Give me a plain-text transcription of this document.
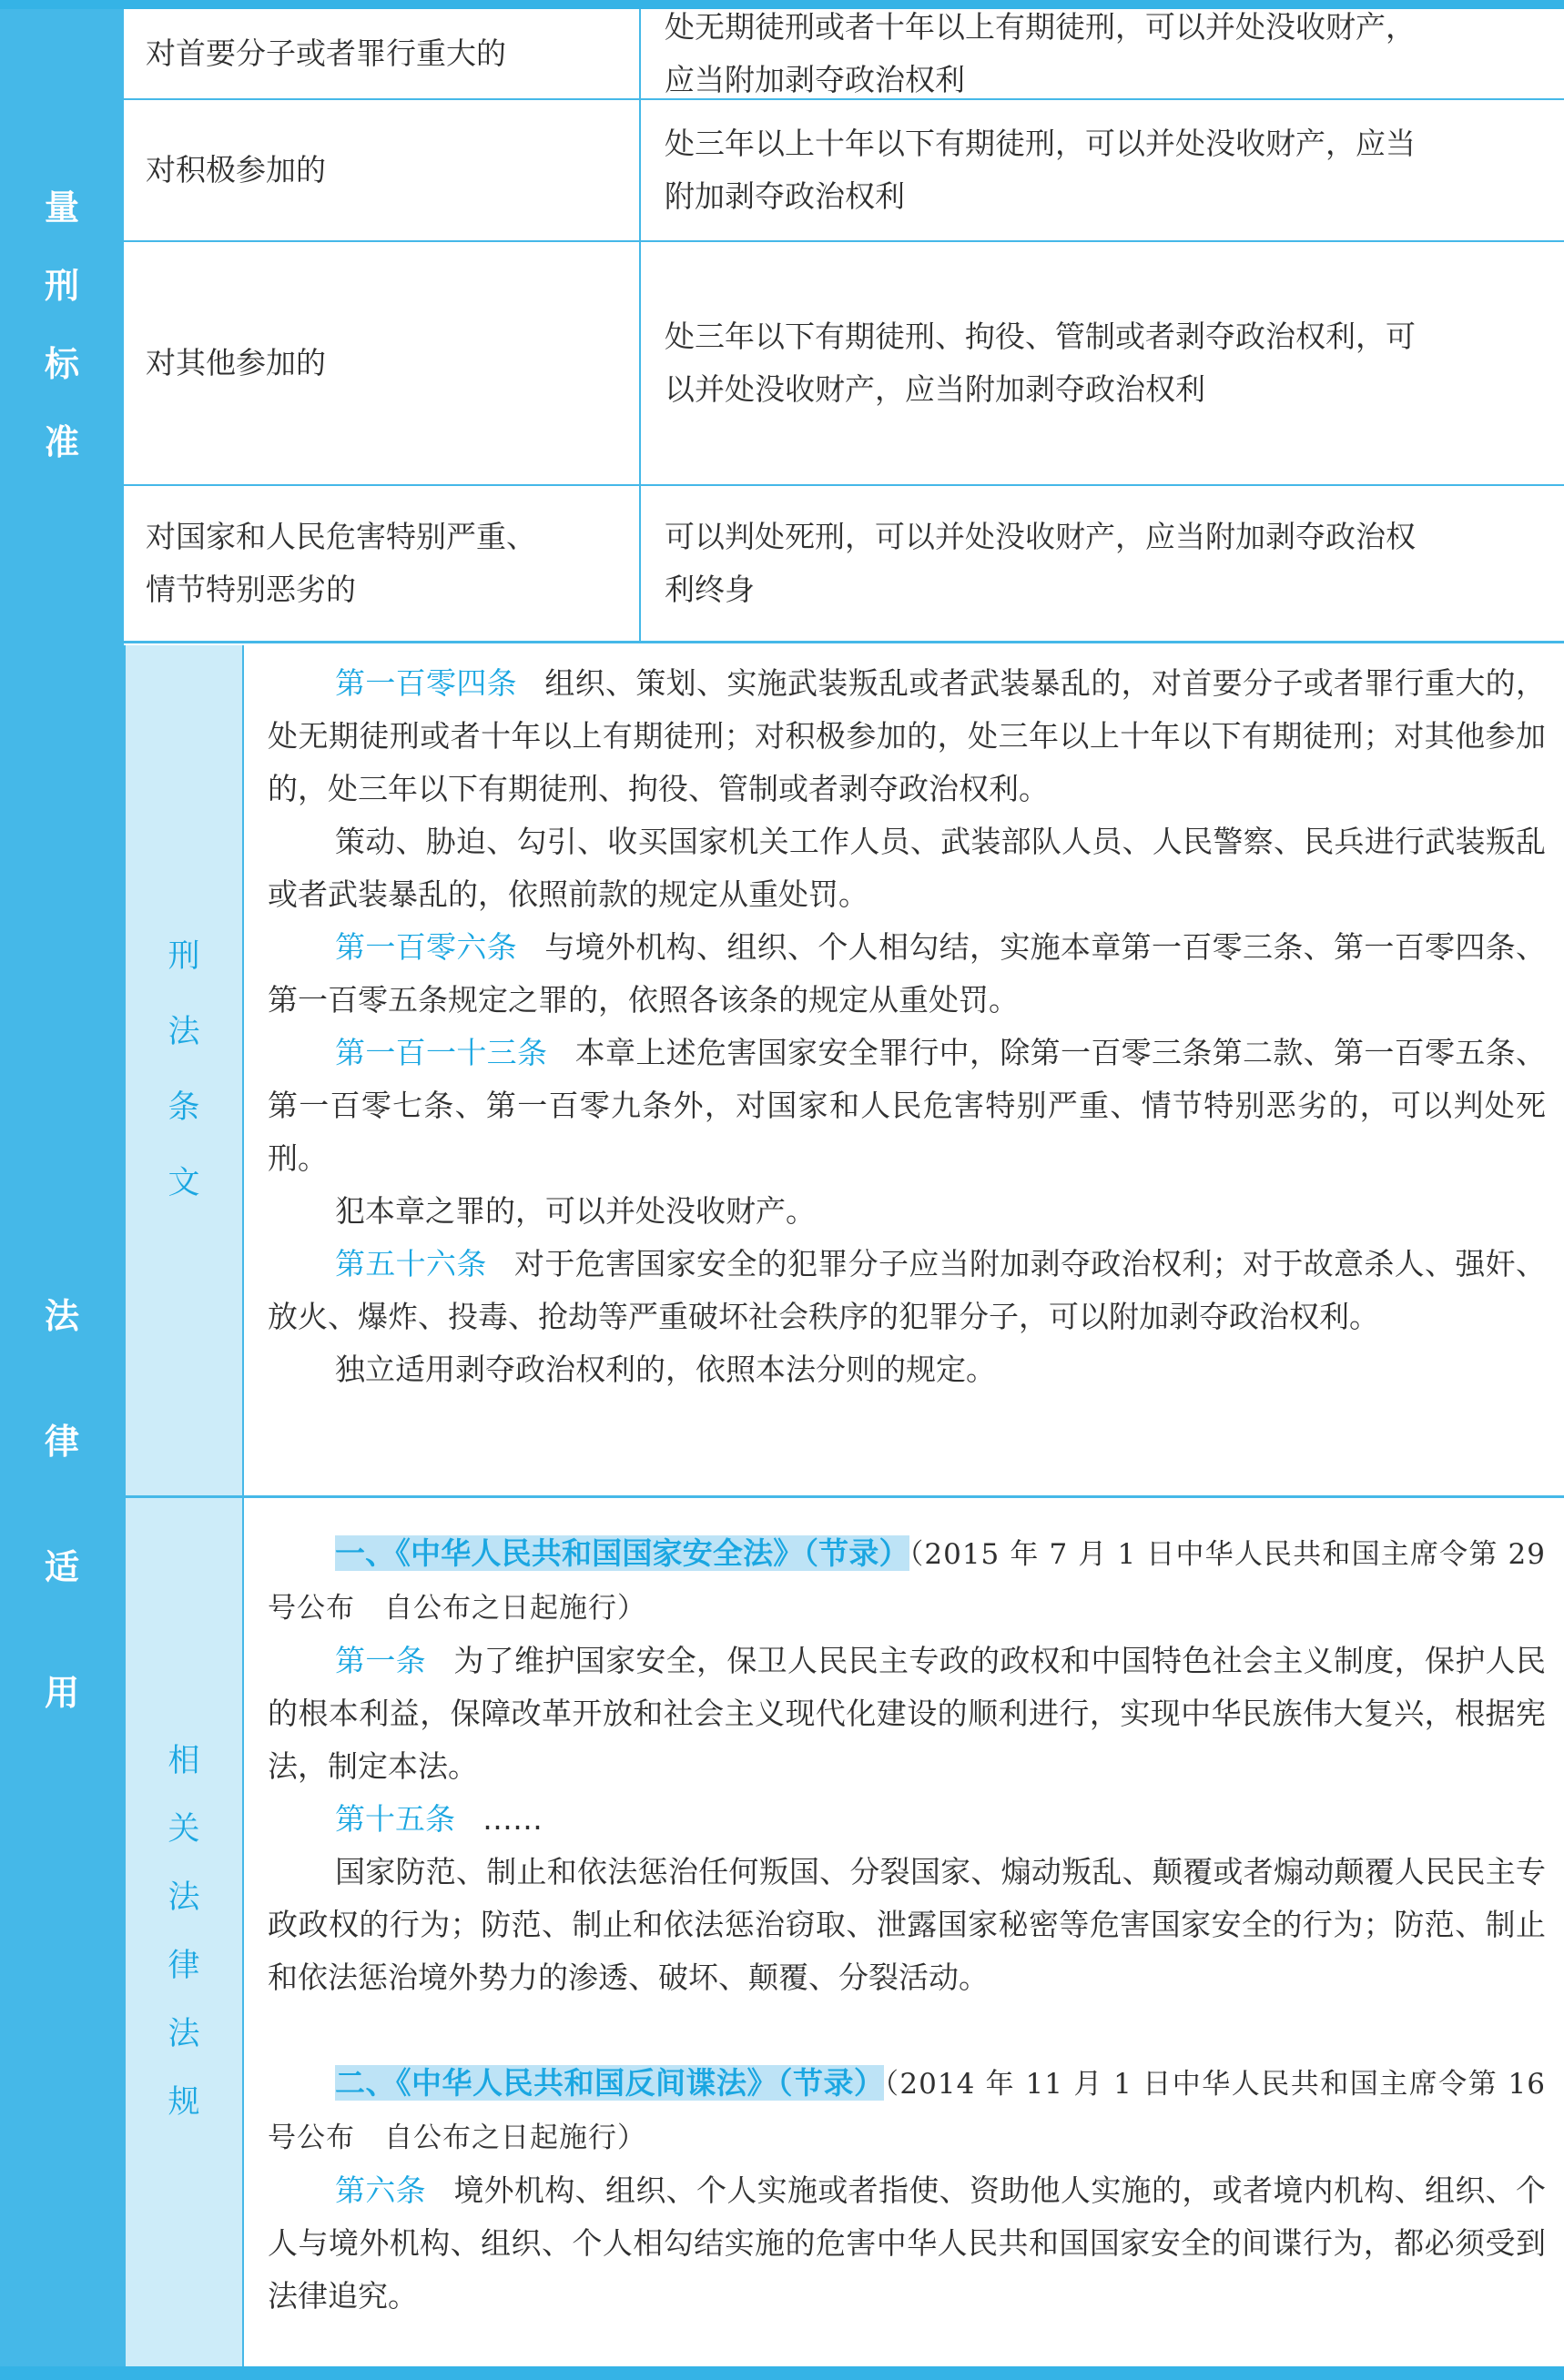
量
刑
标
准
对首要分子或者罪行重大的
处无期徒刑或者十年以上有期徒刑，可以并处没收财产，
应当附加剥夺政治权利
对积极参加的
处三年以上十年以下有期徒刑，可以并处没收财产，应当
附加剥夺政治权利
对其他参加的
处三年以下有期徒刑、拘役、管制或者剥夺政治权利，可
以并处没收财产，应当附加剥夺政治权利
对国家和人民危害特别严重、
情节特别恶劣的
可以判处死刑，可以并处没收财产，应当附加剥夺政治权
利终身
法
律
适
用
刑
法
条
文

第一百零四条 组织、策划、实施武装叛乱或者武装暴乱的，对首要分子或者罪行重大的，处无期徒刑或者十年以上有期徒刑；对积极参加的，处三年以上十年以下有期徒刑；对其他参加的，处三年以下有期徒刑、拘役、管制或者剥夺政治权利。

策动、胁迫、勾引、收买国家机关工作人员、武装部队人员、人民警察、民兵进行武装叛乱或者武装暴乱的，依照前款的规定从重处罚。

第一百零六条 与境外机构、组织、个人相勾结，实施本章第一百零三条、第一百零四条、第一百零五条规定之罪的，依照各该条的规定从重处罚。

第一百一十三条 本章上述危害国家安全罪行中，除第一百零三条第二款、第一百零五条、第一百零七条、第一百零九条外，对国家和人民危害特别严重、情节特别恶劣的，可以判处死刑。

犯本章之罪的，可以并处没收财产。

第五十六条 对于危害国家安全的犯罪分子应当附加剥夺政治权利；对于故意杀人、强奸、放火、爆炸、投毒、抢劫等严重破坏社会秩序的犯罪分子，可以附加剥夺政治权利。

独立适用剥夺政治权利的，依照本法分则的规定。

相
关
法
律
法
规

一、《中华人民共和国国家安全法》（节录）（2015 年 7 月 1 日中华人民共和国主席令第 29 号公布　自公布之日起施行）

第一条 为了维护国家安全，保卫人民民主专政的政权和中国特色社会主义制度，保护人民的根本利益，保障改革开放和社会主义现代化建设的顺利进行，实现中华民族伟大复兴，根据宪法，制定本法。

第十五条 ……

国家防范、制止和依法惩治任何叛国、分裂国家、煽动叛乱、颠覆或者煽动颠覆人民民主专政政权的行为；防范、制止和依法惩治窃取、泄露国家秘密等危害国家安全的行为；防范、制止和依法惩治境外势力的渗透、破坏、颠覆、分裂活动。

二、《中华人民共和国反间谍法》（节录）（2014 年 11 月 1 日中华人民共和国主席令第 16 号公布　自公布之日起施行）

第六条 境外机构、组织、个人实施或者指使、资助他人实施的，或者境内机构、组织、个人与境外机构、组织、个人相勾结实施的危害中华人民共和国国家安全的间谍行为，都必须受到法律追究。
